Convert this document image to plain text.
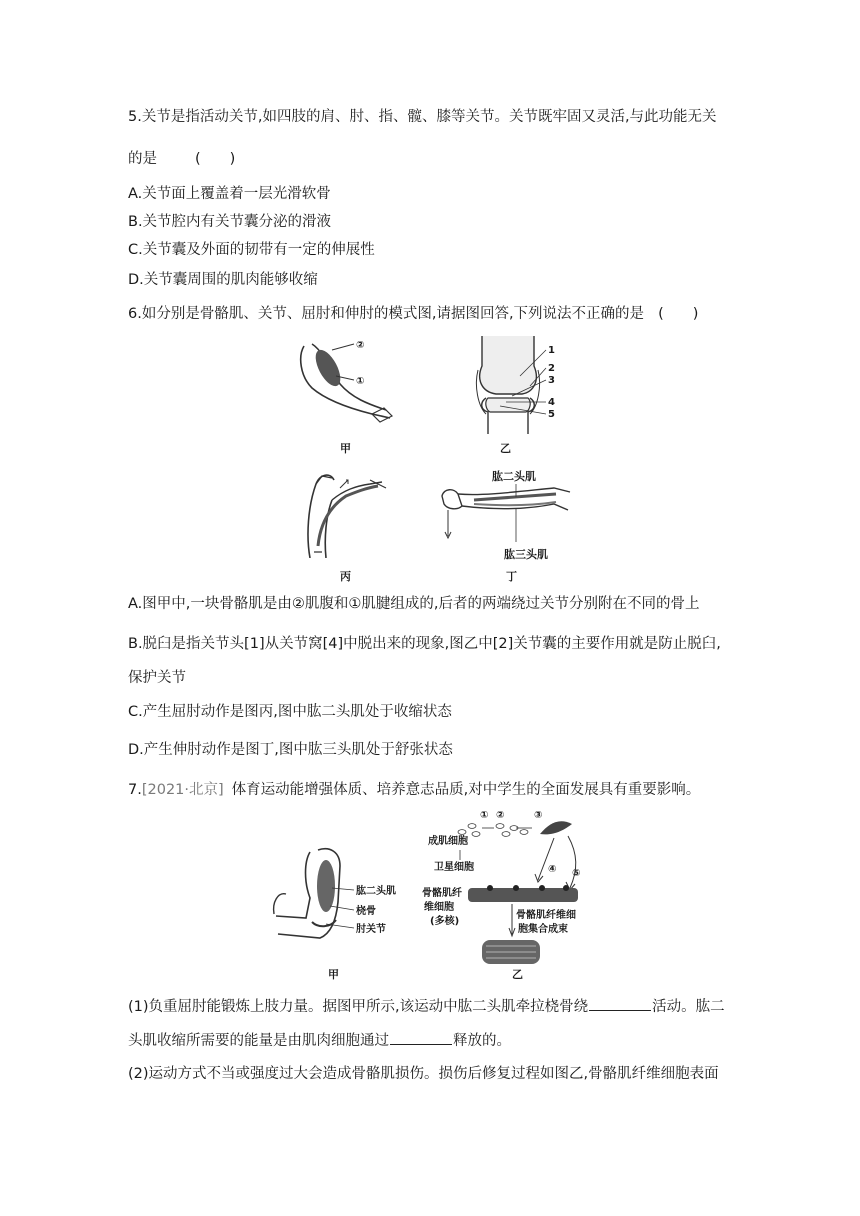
5.关节是指活动关节,如四肢的肩、肘、指、髋、膝等关节。关节既牢固又灵活,与此功能无关
的是	(　　)
A.关节面上覆盖着一层光滑软骨
B.关节腔内有关节囊分泌的滑液
C.关节囊及外面的韧带有一定的伸展性
D.关节囊周围的肌肉能够收缩
6.如分别是骨骼肌、关节、屈肘和伸肘的模式图,请据图回答,下列说法不正确的是 (　　)
②
①
甲
1
2
3
4
5
乙
丙
肱二头肌
肱三头肌
丁
A.图甲中,一块骨骼肌是由②肌腹和①肌腱组成的,后者的两端绕过关节分别附在不同的骨上
B.脱臼是指关节头[1]从关节窝[4]中脱出来的现象,图乙中[2]关节囊的主要作用就是防止脱臼,
保护关节
C.产生屈肘动作是图丙,图中肱二头肌处于收缩状态
D.产生伸肘动作是图丁,图中肱三头肌处于舒张状态
7.[2021·北京] 体育运动能增强体质、培养意志品质,对中学生的全面发展具有重要影响。
肱二头肌
桡骨
肘关节
甲
① ②	③
成肌细胞
卫星细胞	④ ⑤
骨骼肌纤
维细胞
(多核)
骨骼肌纤维细
胞集合成束
乙
(1)负重屈肘能锻炼上肢力量。据图甲所示,该运动中肱二头肌牵拉桡骨绕	活动。肱二
头肌收缩所需要的能量是由肌肉细胞通过	释放的。
(2)运动方式不当或强度过大会造成骨骼肌损伤。损伤后修复过程如图乙,骨骼肌纤维细胞表面
